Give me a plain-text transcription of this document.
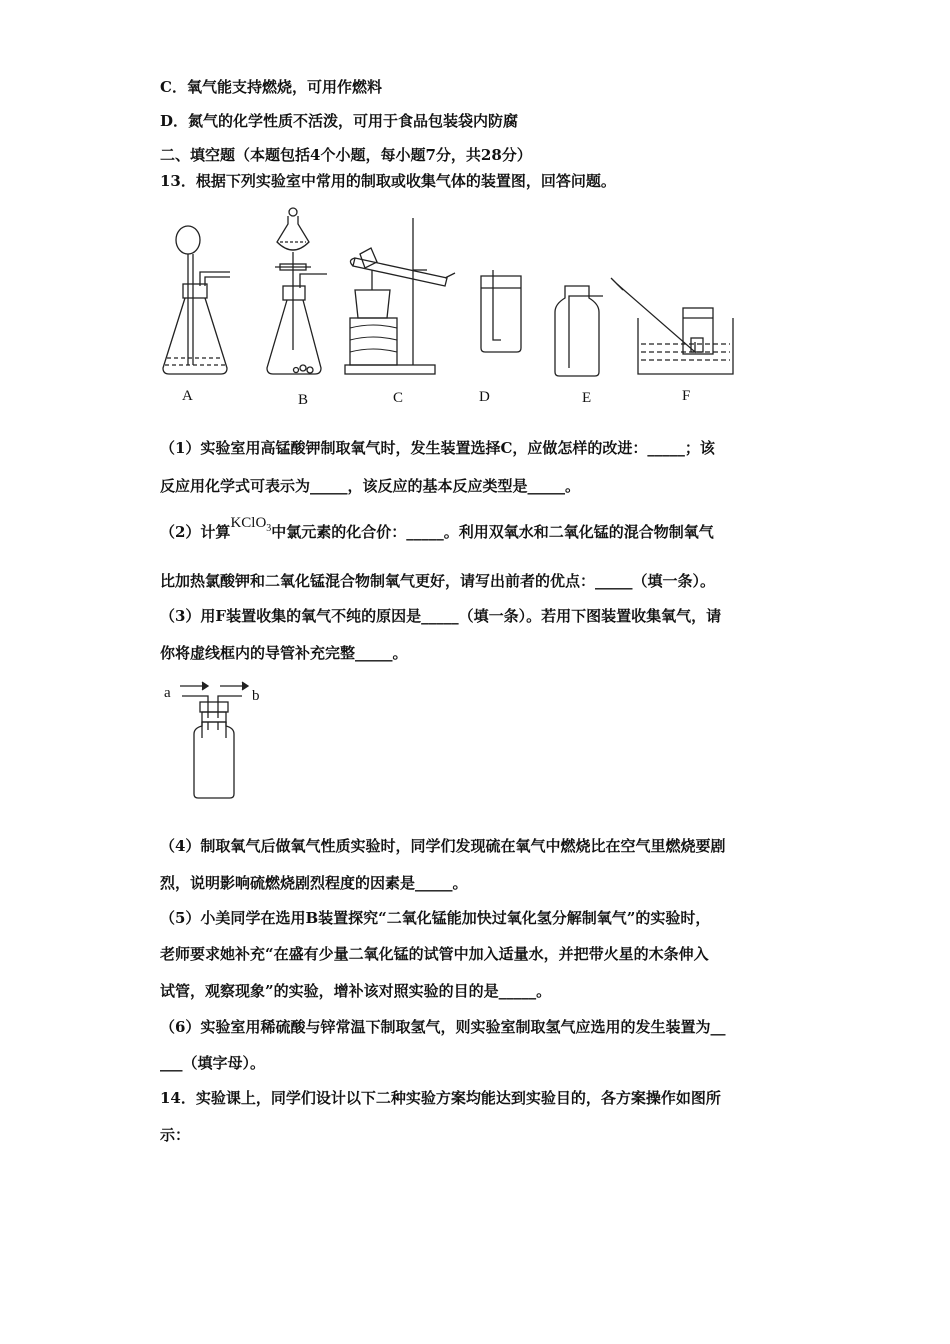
C．氧气能支持燃烧，可用作燃料
D．氮气的化学性质不活泼，可用于食品包装袋内防腐
二、填空题（本题包括4个小题，每小题7分，共28分）
13．根据下列实验室中常用的制取或收集气体的装置图，回答问题。
A	B	C	D	E	F
（1）实验室用高锰酸钾制取氧气时，发生装置选择C，应做怎样的改进：_____；该
反应用化学式可表示为_____，该反应的基本反应类型是_____。
（2）计算KClO$_3$中氯元素的化合价：_____。利用双氧水和二氧化锰的混合物制氧气
比加热氯酸钾和二氧化锰混合物制氧气更好，请写出前者的优点：_____（填一条）。
（3）用F装置收集的氧气不纯的原因是_____（填一条）。若用下图装置收集氧气，请
你将虚线框内的导管补充完整_____。
a	b
（4）制取氧气后做氧气性质实验时，同学们发现硫在氧气中燃烧比在空气里燃烧要剧
烈，说明影响硫燃烧剧烈程度的因素是_____。
（5）小美同学在选用B装置探究“二氧化锰能加快过氧化氢分解制氧气”的实验时，
老师要求她补充“在盛有少量二氧化锰的试管中加入适量水，并把带火星的木条伸入
试管，观察现象”的实验，增补该对照实验的目的是_____。
（6）实验室用稀硫酸与锌常温下制取氢气，则实验室制取氢气应选用的发生装置为__
___（填字母）。
14．实验课上，同学们设计以下二种实验方案均能达到实验目的，各方案操作如图所
示：
